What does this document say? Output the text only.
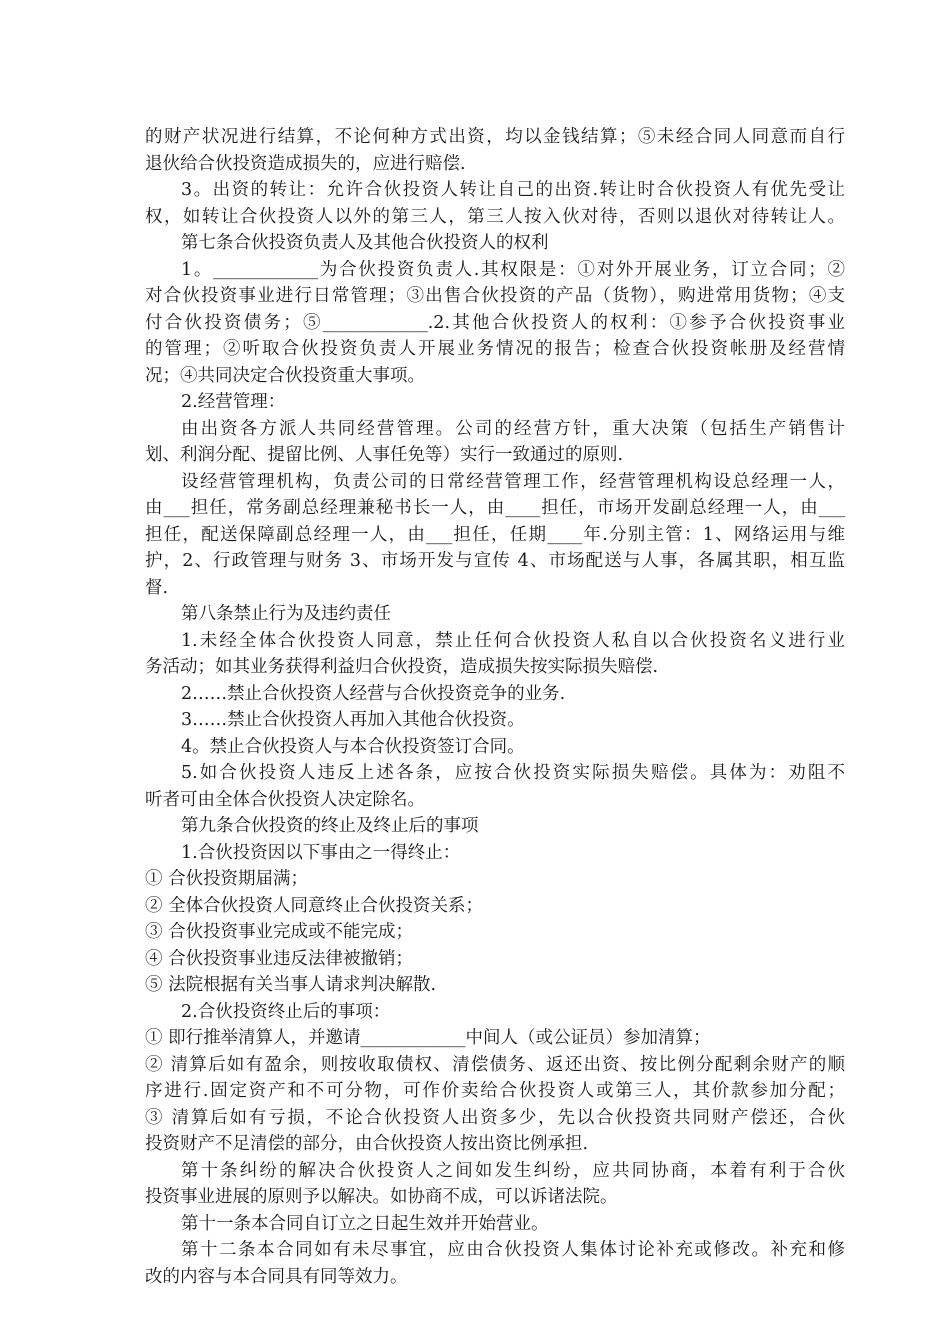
的财产状况进行结算，不论何种方式出资，均以金钱结算；⑤未经合同人同意而自行
退伙给合伙投资造成损失的，应进行赔偿.
3。出资的转让：允许合伙投资人转让自己的出资.转让时合伙投资人有优先受让
权，如转让合伙投资人以外的第三人，第三人按入伙对待，否则以退伙对待转让人。
第七条合伙投资负责人及其他合伙投资人的权利
1。____________为合伙投资负责人.其权限是：①对外开展业务，订立合同；②
对合伙投资事业进行日常管理；③出售合伙投资的产品（货物），购进常用货物；④支
付合伙投资债务；⑤____________.2.其他合伙投资人的权利：①参予合伙投资事业
的管理；②听取合伙投资负责人开展业务情况的报告；检查合伙投资帐册及经营情
况；④共同决定合伙投资重大事项。
2.经营管理：
由出资各方派人共同经营管理。公司的经营方针，重大决策（包括生产销售计
划、利润分配、提留比例、人事任免等）实行一致通过的原则.
设经营管理机构，负责公司的日常经营管理工作，经营管理机构设总经理一人，
由___担任，常务副总经理兼秘书长一人，由____担任，市场开发副总经理一人，由___
担任，配送保障副总经理一人，由___担任，任期____年.分别主管：1、网络运用与维
护，2、行政管理与财务 3、市场开发与宣传 4、市场配送与人事，各属其职，相互监
督.
第八条禁止行为及违约责任
1.未经全体合伙投资人同意，禁止任何合伙投资人私自以合伙投资名义进行业
务活动；如其业务获得利益归合伙投资，造成损失按实际损失赔偿.
2……禁止合伙投资人经营与合伙投资竞争的业务.
3……禁止合伙投资人再加入其他合伙投资。
4。禁止合伙投资人与本合伙投资签订合同。
5.如合伙投资人违反上述各条，应按合伙投资实际损失赔偿。具体为：劝阻不
听者可由全体合伙投资人决定除名。
第九条合伙投资的终止及终止后的事项
1.合伙投资因以下事由之一得终止：
① 合伙投资期届满；
② 全体合伙投资人同意终止合伙投资关系；
③ 合伙投资事业完成或不能完成；
④ 合伙投资事业违反法律被撤销；
⑤ 法院根据有关当事人请求判决解散.
2.合伙投资终止后的事项：
① 即行推举清算人，并邀请____________中间人（或公证员）参加清算；
② 清算后如有盈余，则按收取债权、清偿债务、返还出资、按比例分配剩余财产的顺
序进行.固定资产和不可分物，可作价卖给合伙投资人或第三人，其价款参加分配；
③ 清算后如有亏损，不论合伙投资人出资多少，先以合伙投资共同财产偿还，合伙
投资财产不足清偿的部分，由合伙投资人按出资比例承担.
第十条纠纷的解决合伙投资人之间如发生纠纷，应共同协商，本着有利于合伙
投资事业进展的原则予以解决。如协商不成，可以诉诸法院。
第十一条本合同自订立之日起生效并开始营业。
第十二条本合同如有未尽事宜，应由合伙投资人集体讨论补充或修改。补充和修
改的内容与本合同具有同等效力。
